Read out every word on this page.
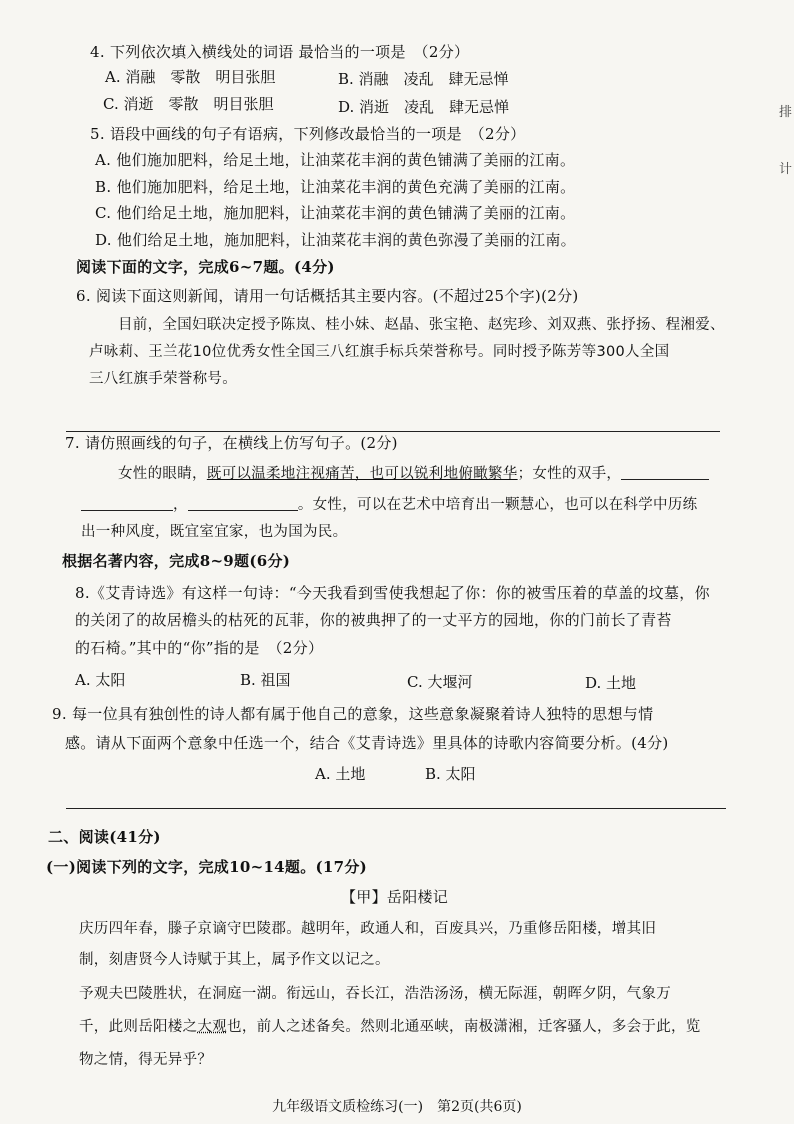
4. 下列依次填入横线处的词语 最恰当的一项是　（2分）
A. 消融　零散　明目张胆	B. 消融　凌乱　肆无忌惮
C. 消逝　零散　明目张胆	D. 消逝　凌乱　肆无忌惮
5. 语段中画线的句子有语病，下列修改最恰当的一项是　（2分）
A. 他们施加肥料，给足土地，让油菜花丰润的黄色铺满了美丽的江南。
B. 他们施加肥料，给足土地，让油菜花丰润的黄色充满了美丽的江南。
C. 他们给足土地，施加肥料，让油菜花丰润的黄色铺满了美丽的江南。
D. 他们给足土地，施加肥料，让油菜花丰润的黄色弥漫了美丽的江南。
阅读下面的文字，完成6~7题。(4分)
6. 阅读下面这则新闻，请用一句话概括其主要内容。(不超过25个字)(2分)
目前，全国妇联决定授予陈岚、桂小妹、赵晶、张宝艳、赵宪珍、刘双燕、张抒扬、程湘爱、
卢咏莉、王兰花10位优秀女性全国三八红旗手标兵荣誉称号。同时授予陈芳等300人全国
三八红旗手荣誉称号。
7. 请仿照画线的句子，在横线上仿写句子。(2分)
女性的眼睛，既可以温柔地注视痛苦，也可以锐利地俯瞰繁华；女性的双手，
，	。女性，可以在艺术中培育出一颗慧心，也可以在科学中历练
出一种风度，既宜室宜家，也为国为民。
根据名著内容，完成8~9题(6分)
8.《艾青诗选》有这样一句诗：“今天我看到雪使我想起了你：你的被雪压着的草盖的坟墓，你
的关闭了的故居檐头的枯死的瓦菲，你的被典押了的一丈平方的园地，你的门前长了青苔
的石椅。”其中的“你”指的是　（2分）
A. 太阳	B. 祖国	C. 大堰河	D. 土地
9. 每一位具有独创性的诗人都有属于他自己的意象，这些意象凝聚着诗人独特的思想与情
感。请从下面两个意象中任选一个，结合《艾青诗选》里具体的诗歌内容简要分析。(4分)
A. 土地	B. 太阳
二、阅读(41分)
(一)阅读下列的文字，完成10~14题。(17分)
【甲】岳阳楼记
庆历四年春，滕子京谪守巴陵郡。越明年，政通人和，百废具兴，乃重修岳阳楼，增其旧
制，刻唐贤今人诗赋于其上，属予作文以记之。
予观夫巴陵胜状，在洞庭一湖。衔远山，吞长江，浩浩汤汤，横无际涯，朝晖夕阴，气象万
千，此则岳阳楼之大观也，前人之述备矣。然则北通巫峡，南极潇湘，迁客骚人，多会于此，览
物之情，得无异乎？
排
计
九年级语文质检练习(一)　第2页(共6页)
